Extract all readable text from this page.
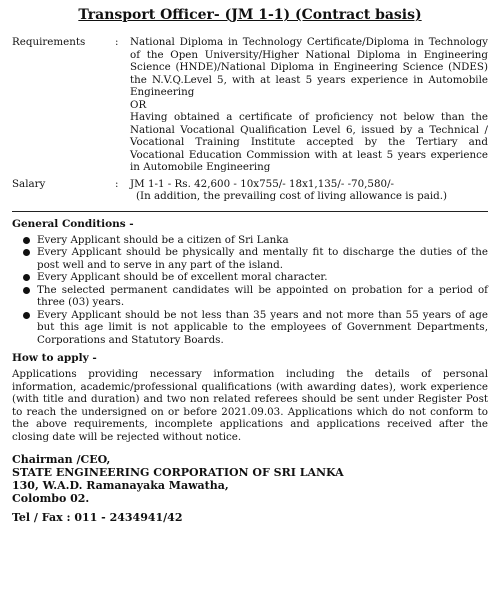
Transport Officer- (JM 1-1) (Contract basis)
Requirements	:	National Diploma in Technology Certificate/Diploma in Technology of the Open University/Higher National Diploma in Engineering Science (HNDE)/National Diploma in Engineering Science (NDES) the N.V.Q.Level 5, with at least 5 years experience in Automobile Engineering

OR

Having obtained a certificate of proficiency not below than the National Vocational Qualification Level 6, issued by a Technical / Vocational Training Institute accepted by the Tertiary and Vocational Education Commission with at least 5 years experience in Automobile Engineering

Salary	:	JM 1-1 - Rs. 42,600 - 10x755/- 18x1,135/- -70,580/-

(In addition, the prevailing cost of living allowance is paid.)

General Conditions -
Every Applicant should be a citizen of Sri Lanka
Every Applicant should be physically and mentally fit to discharge the duties of the post well and to serve in any part of the island.
Every Applicant should be of excellent moral character.
The selected permanent candidates will be appointed on probation for a period of three (03) years.
Every Applicant should be not less than 35 years and not more than 55 years of age but this age limit is not applicable to the employees of Government Departments, Corporations and Statutory Boards.
How to apply -

Applications providing necessary information including the details of personal information, academic/professional qualifications (with awarding dates), work experience (with title and duration) and two non related referees should be sent under Register Post to reach the undersigned on or before 2021.09.03. Applications which do not conform to the above requirements, incomplete applications and applications received after the closing date will be rejected without notice.

Chairman /CEO,
STATE ENGINEERING CORPORATION OF SRI LANKA
130, W.A.D. Ramanayaka Mawatha,
Colombo 02.
Tel / Fax : 011 - 2434941/42
